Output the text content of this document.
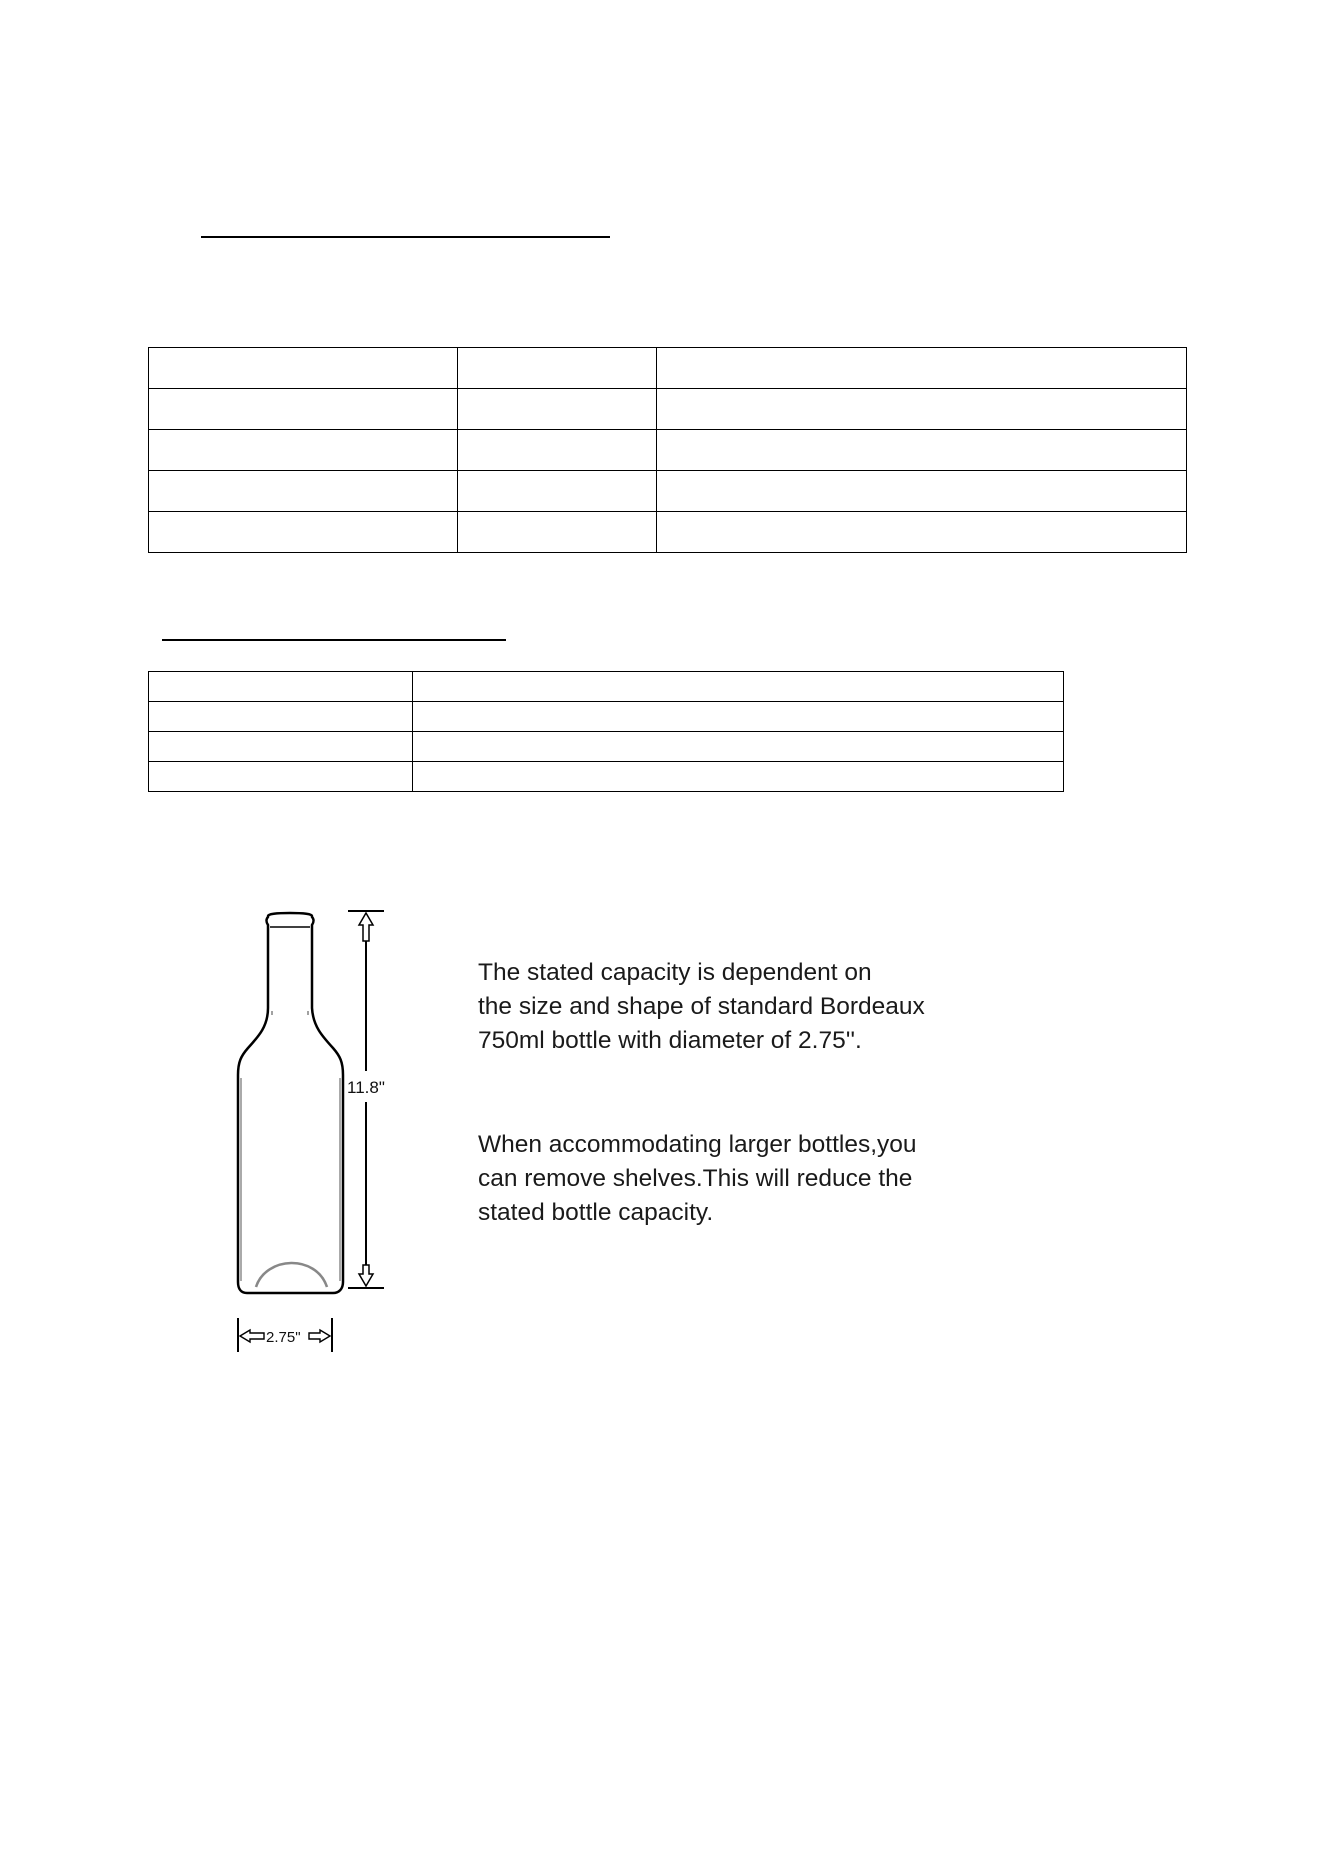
11.8"
2.75"

The stated capacity is dependent on
the size and shape of standard Bordeaux
750ml bottle with diameter of 2.75''.

When accommodating larger bottles,you
can remove shelves.This will reduce the
stated bottle capacity.
